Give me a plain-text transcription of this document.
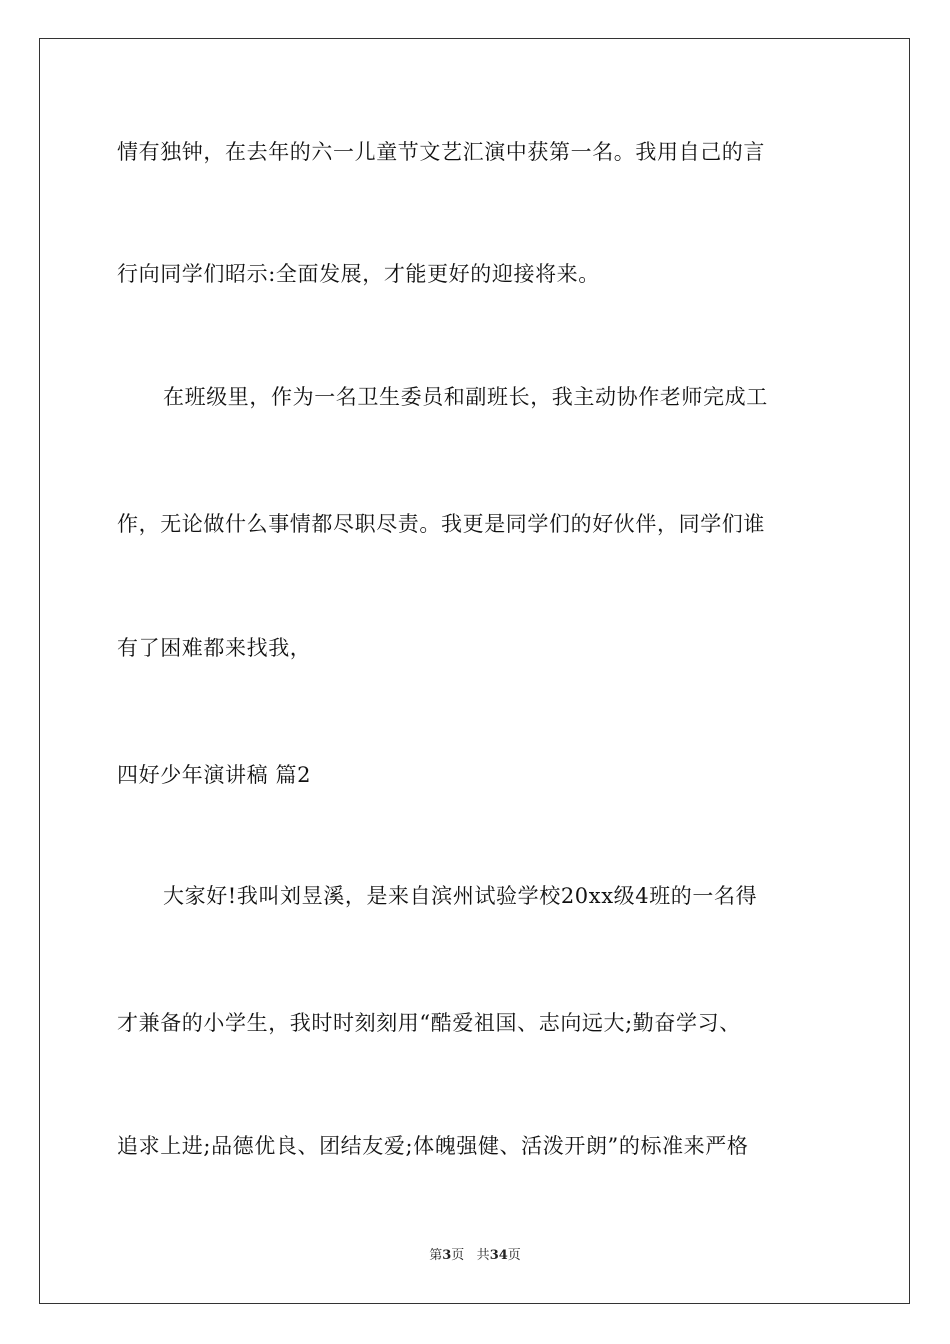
情有独钟，在去年的六一儿童节文艺汇演中获第一名。我用自己的言
行向同学们昭示:全面发展，才能更好的迎接将来。
在班级里，作为一名卫生委员和副班长，我主动协作老师完成工
作，无论做什么事情都尽职尽责。我更是同学们的好伙伴，同学们谁
有了困难都来找我，
四好少年演讲稿 篇2
大家好!我叫刘昱溪，是来自滨州试验学校20xx级4班的一名得
才兼备的小学生，我时时刻刻用“酷爱祖国、志向远大;勤奋学习、
追求上进;品德优良、团结友爱;体魄强健、活泼开朗”的标准来严格
第3页 共34页
